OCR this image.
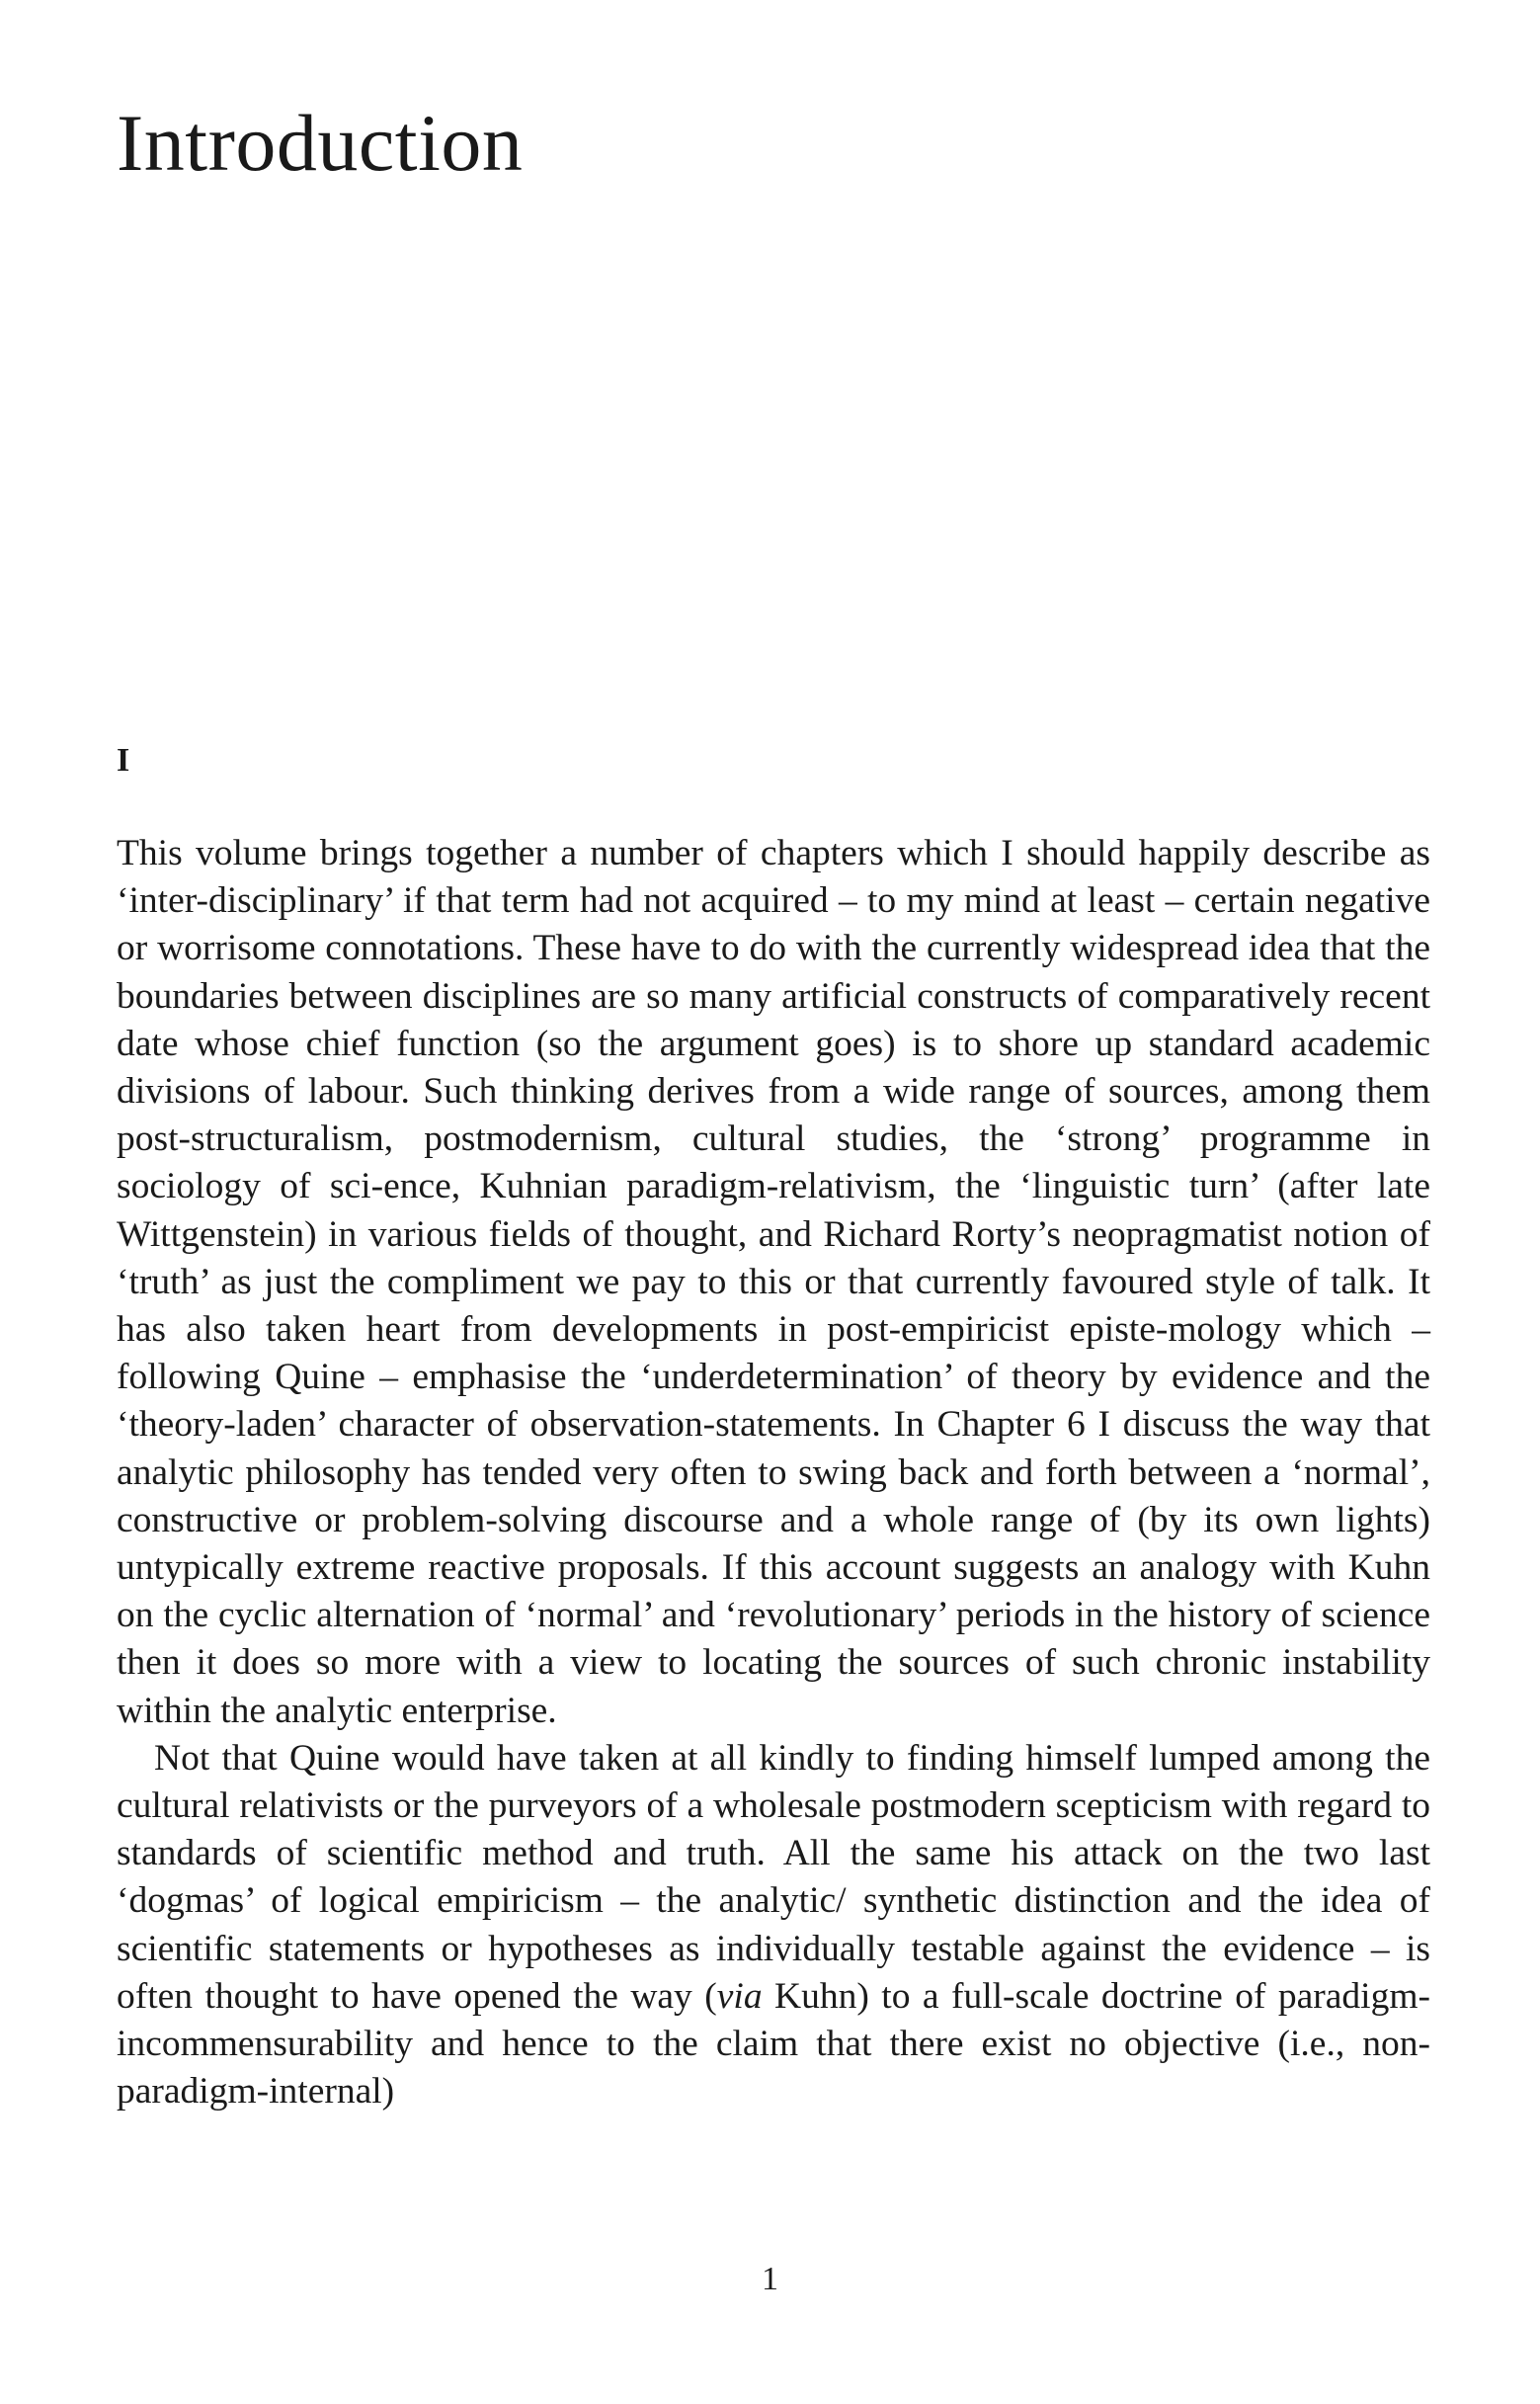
Introduction
I

This volume brings together a number of chapters which I should happily describe as ‘inter-disciplinary’ if that term had not acquired – to my mind at least – certain negative or worrisome connotations. These have to do with the currently widespread idea that the boundaries between disciplines are so many artificial constructs of comparatively recent date whose chief function (so the argument goes) is to shore up standard academic divisions of labour. Such thinking derives from a wide range of sources, among them post-structuralism, postmodernism, cultural studies, the ‘strong’ programme in sociology of sci-ence, Kuhnian paradigm-relativism, the ‘linguistic turn’ (after late Wittgenstein) in various fields of thought, and Richard Rorty’s neopragmatist notion of ‘truth’ as just the compliment we pay to this or that currently favoured style of talk. It has also taken heart from developments in post-empiricist episte-mology which – following Quine – emphasise the ‘underdetermination’ of theory by evidence and the ‘theory-laden’ character of observation-statements. In Chapter 6 I discuss the way that analytic philosophy has tended very often to swing back and forth between a ‘normal’, constructive or problem-solving discourse and a whole range of (by its own lights) untypically extreme reactive proposals. If this account suggests an analogy with Kuhn on the cyclic alternation of ‘normal’ and ‘revolutionary’ periods in the history of science then it does so more with a view to locating the sources of such chronic instability within the analytic enterprise.

Not that Quine would have taken at all kindly to finding himself lumped among the cultural relativists or the purveyors of a wholesale postmodern scepticism with regard to standards of scientific method and truth. All the same his attack on the two last ‘dogmas’ of logical empiricism – the analytic/ synthetic distinction and the idea of scientific statements or hypotheses as individually testable against the evidence – is often thought to have opened the way (via Kuhn) to a full-scale doctrine of paradigm-incommensurability and hence to the claim that there exist no objective (i.e., non-paradigm-internal)

1
